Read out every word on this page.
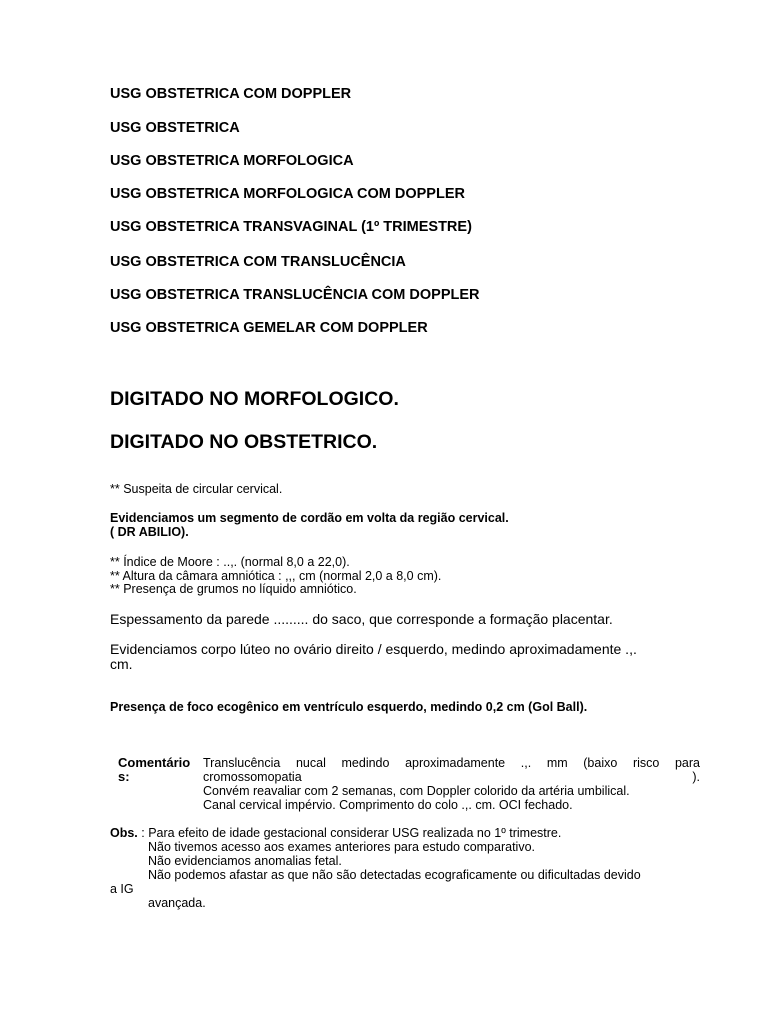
USG OBSTETRICA COM DOPPLER
USG OBSTETRICA
USG OBSTETRICA MORFOLOGICA
USG OBSTETRICA MORFOLOGICA COM DOPPLER
USG OBSTETRICA TRANSVAGINAL (1º TRIMESTRE)
USG OBSTETRICA COM TRANSLUCÊNCIA
USG OBSTETRICA TRANSLUCÊNCIA COM DOPPLER
USG OBSTETRICA GEMELAR COM DOPPLER
DIGITADO NO MORFOLOGICO.
DIGITADO NO OBSTETRICO.
** Suspeita de circular cervical.
Evidenciamos um segmento de cordão em volta da região cervical.
( DR ABILIO).
** Índice de Moore : ..,. (normal 8,0 a 22,0).
** Altura da câmara amniótica : ,,, cm (normal 2,0 a 8,0 cm).
** Presença de grumos no líquido amniótico.
Espessamento da parede ......... do saco, que corresponde a formação placentar.
Evidenciamos corpo lúteo no ovário direito / esquerdo, medindo aproximadamente .,.
cm.
Presença de foco ecogênico em ventrículo esquerdo, medindo 0,2 cm (Gol Ball).
Comentário
s:
Translucência nucal medindo aproximadamente .,. mm (baixo risco para
cromossomopatia	).
Convém reavaliar com 2 semanas, com Doppler colorido da artéria umbilical.
Canal cervical impérvio. Comprimento do colo .,. cm. OCI fechado.
Obs. : Para efeito de idade gestacional considerar USG realizada no 1º trimestre.
Não tivemos acesso aos exames anteriores para estudo comparativo.
Não evidenciamos anomalias fetal.
Não podemos afastar as que não são detectadas ecograficamente ou dificultadas devido
a IG
avançada.
